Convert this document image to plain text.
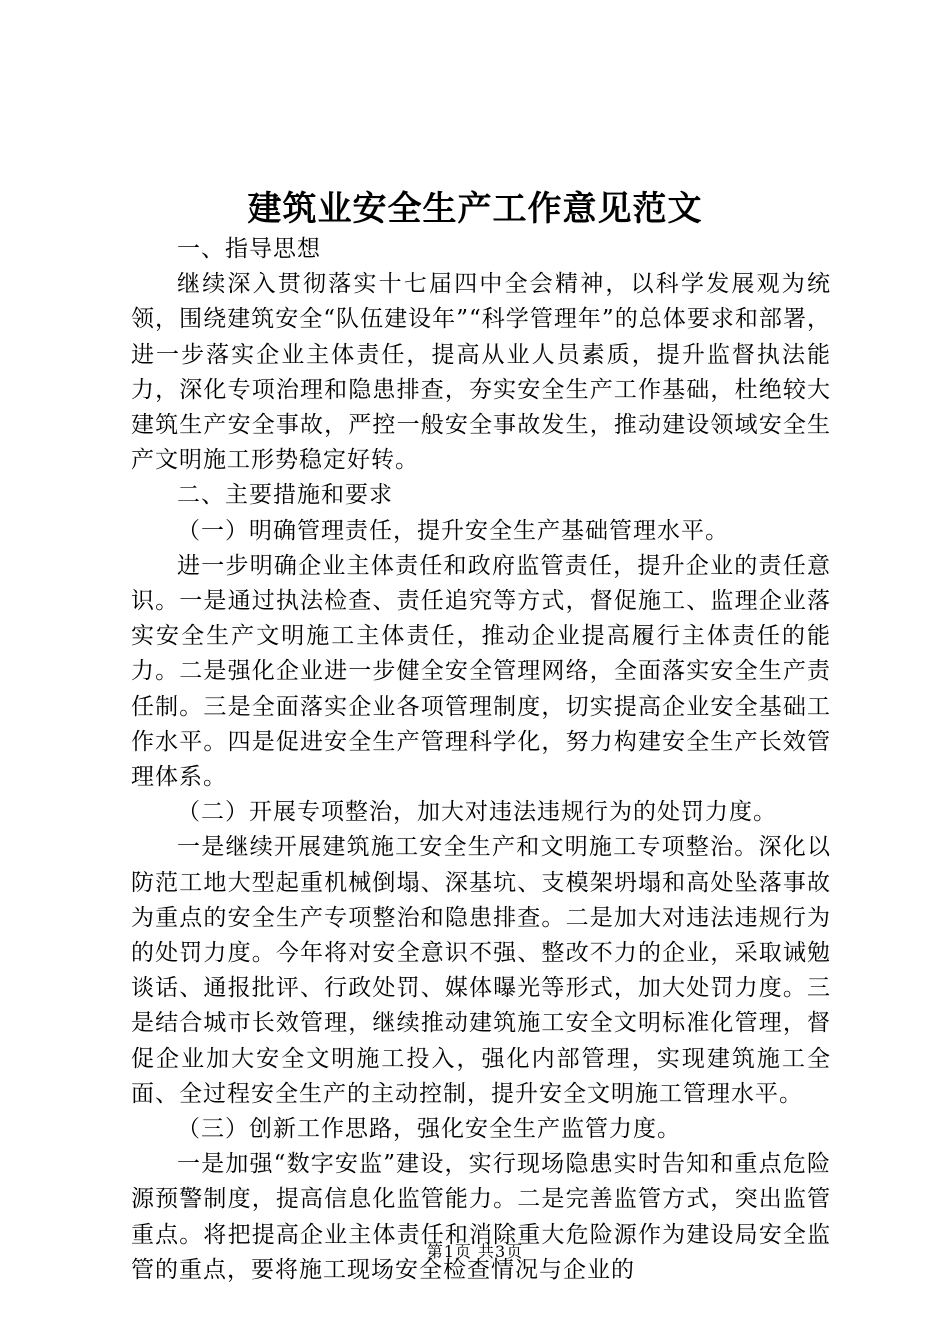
建筑业安全生产工作意见范文

一、指导思想

继续深入贯彻落实十七届四中全会精神，以科学发展观为统领，围绕建筑安全“队伍建设年”“科学管理年”的总体要求和部署，进一步落实企业主体责任，提高从业人员素质，提升监督执法能力，深化专项治理和隐患排查，夯实安全生产工作基础，杜绝较大建筑生产安全事故，严控一般安全事故发生，推动建设领域安全生产文明施工形势稳定好转。

二、主要措施和要求

（一）明确管理责任，提升安全生产基础管理水平。

进一步明确企业主体责任和政府监管责任，提升企业的责任意识。一是通过执法检查、责任追究等方式，督促施工、监理企业落实安全生产文明施工主体责任，推动企业提高履行主体责任的能力。二是强化企业进一步健全安全管理网络，全面落实安全生产责任制。三是全面落实企业各项管理制度，切实提高企业安全基础工作水平。四是促进安全生产管理科学化，努力构建安全生产长效管理体系。

（二）开展专项整治，加大对违法违规行为的处罚力度。

一是继续开展建筑施工安全生产和文明施工专项整治。深化以防范工地大型起重机械倒塌、深基坑、支模架坍塌和高处坠落事故为重点的安全生产专项整治和隐患排查。二是加大对违法违规行为的处罚力度。今年将对安全意识不强、整改不力的企业，采取诫勉谈话、通报批评、行政处罚、媒体曝光等形式，加大处罚力度。三是结合城市长效管理，继续推动建筑施工安全文明标准化管理，督促企业加大安全文明施工投入，强化内部管理，实现建筑施工全面、全过程安全生产的主动控制，提升安全文明施工管理水平。

（三）创新工作思路，强化安全生产监管力度。

一是加强“数字安监”建设，实行现场隐患实时告知和重点危险源预警制度，提高信息化监管能力。二是完善监管方式，突出监管重点。将把提高企业主体责任和消除重大危险源作为建设局安全监管的重点，要将施工现场安全检查情况与企业的

第1页 共3页
